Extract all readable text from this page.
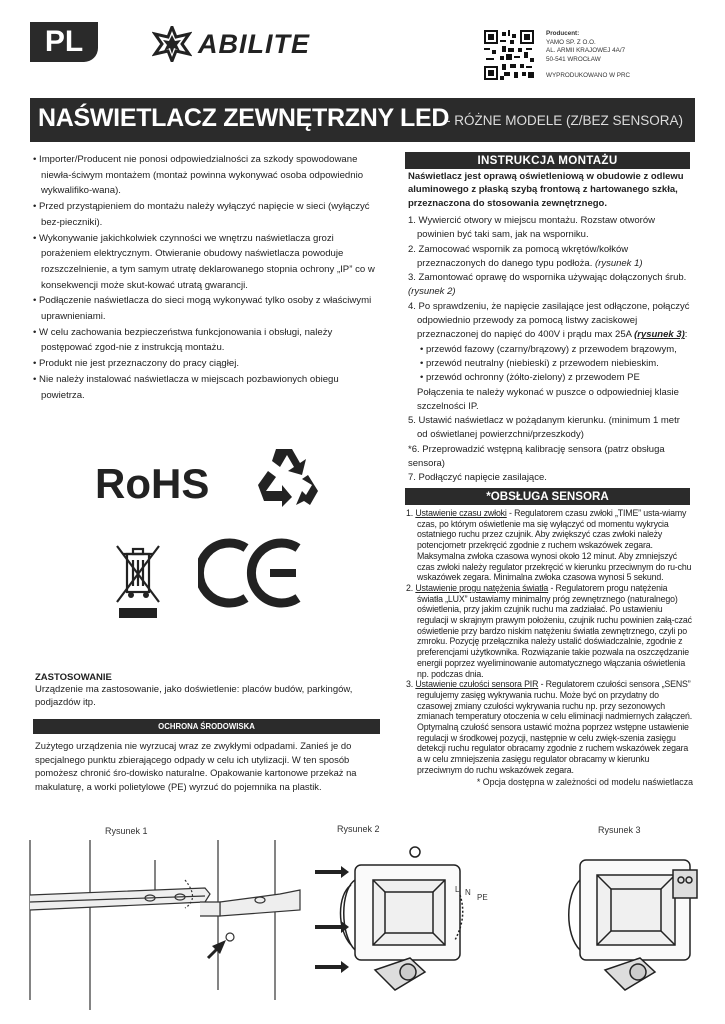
PL	ABILITE	Producent:
YAMO SP. Z O.O.
AL. ARMII KRAJOWEJ 4A/7
50-541 WROCŁAW
WYPRODUKOWANO W PRC
NAŚWIETLACZ ZEWNĘTRZNY LED
- RÓŻNE MODELE (Z/BEZ SENSORA)
• Importer/Producent nie ponosi odpowiedzialności za szkody spowodowane niewła-ściwym montażem (montaż powinna wykonywać osoba odpowiednio wykwalifiko-wana).
• Przed przystąpieniem do montażu należy wyłączyć napięcie w sieci (wyłączyć bez-pieczniki).
• Wykonywanie jakichkolwiek czynności we wnętrzu naświetlacza grozi porażeniem elektrycznym. Otwieranie obudowy naświetlacza powoduje rozszczelnienie, a tym samym utratę deklarowanego stopnia ochrony „IP” co w konsekwencji może skut-kować utratą gwarancji.
• Podłączenie naświetlacza do sieci mogą wykonywać tylko osoby z właściwymi uprawnieniami.
• W celu zachowania bezpieczeństwa funkcjonowania i obsługi, należy postępować zgod-nie z instrukcją montażu.
• Produkt nie jest przeznaczony do pracy ciągłej.
• Nie należy instalować naświetlacza w miejscach pozbawionych obiegu powietrza.
RoHS
ZASTOSOWANIE
Urządzenie ma zastosowanie, jako doświetlenie: placów budów, parkingów, podjazdów itp.
OCHRONA ŚRODOWISKA
Zużytego urządzenia nie wyrzucaj wraz ze zwykłymi odpadami. Zanieś je do specjalnego punktu zbierającego odpady w celu ich utylizacji. W ten sposób pomożesz chronić śro-dowisko naturalne. Opakowanie kartonowe przekaż na makulaturę, a worki polietylowe (PE) wyrzuć do pojemnika na plastik.
INSTRUKCJA MONTAŻU
Naświetlacz jest oprawą oświetleniową w obudowie z odlewu aluminowego z płaską szybą frontową z hartowanego szkła, przeznaczona do stosowania zewnętrznego.
1. Wywiercić otwory w miejscu montażu. Rozstaw otworów powinien być taki sam, jak na wsporniku.
2. Zamocować wspornik za pomocą wkrętów/kołków przeznaczonych do danego typu podłoża. (rysunek 1)
3. Zamontować oprawę do wspornika używając dołączonych śrub.
(rysunek 2)
4. Po sprawdzeniu, że napięcie zasilające jest odłączone, połączyć odpowiednio przewody za pomocą listwy zaciskowej przeznaczonej do napięć do 400V i prądu max 25A (rysunek 3):
• przewód fazowy (czarny/brązowy) z przewodem brązowym,
• przewód neutralny (niebieski) z przewodem niebieskim.
• przewód ochronny (żółto-zielony) z przewodem PE
Połączenia te należy wykonać w puszce o odpowiedniej klasie szczelności IP.
5. Ustawić naświetlacz w pożądanym kierunku. (minimum 1 metr od oświetlanej powierzchni/przeszkody)
*6. Przeprowadzić wstępną kalibrację sensora (patrz obsługa sensora)
7. Podłączyć napięcie zasilające.
*OBSŁUGA SENSORA
1. Ustawienie czasu zwłoki - Regulatorem czasu zwłoki „TIME” usta-wiamy czas, po którym oświetlenie ma się wyłączyć od momentu wykrycia ostatniego ruchu przez czujnik. Aby zwiększyć czas zwłoki należy potencjometr przekręcić zgodnie z ruchem wskazówek zegara. Maksymalna zwłoka czasowa wynosi około 12 minut. Aby zmniejszyć czas zwłoki należy regulator przekręcić w kierunku przeciwnym do ru-chu wskazówek zegara. Minimalna zwłoka czasowa wynosi 5 sekund.
2. Ustawienie progu natężenia światła - Regulatorem progu natężenia światła „LUX” ustawiamy minimalny próg zewnętrznego (naturalnego) oświetlenia, przy jakim czujnik ruchu ma zadziałać. Po ustawieniu regulacji w skrajnym prawym położeniu, czujnik ruchu powinien załą-czać oświetlenie przy bardzo niskim natężeniu światła zewnętrznego, czyli po zmroku. Pozycję przełącznika należy ustalić doświadczalnie, zgodnie z preferencjami użytkownika. Rozwiązanie takie pozwala na oszczędzanie energii poprzez wyeliminowanie automatycznego włączania oświetlenia np. podczas dnia.
3. Ustawienie czułości sensora PIR - Regulatorem czułości sensora „SENS” regulujemy zasięg wykrywania ruchu. Może być on przydatny do czasowej zmiany czułości wykrywania ruchu np. przy sezonowych zmianach temperatury otoczenia w celu eliminacji nadmiernych załączeń. Optymalną czułość sensora ustawić można poprzez wstępne ustawienie regulacji w środkowej pozycji, następnie w celu zwięk-szenia zasięgu detekcji ruchu regulator obracamy zgodnie z ruchem wskazówek zegara a w celu zmniejszenia zasięgu regulator obracamy w kierunku przeciwnym do ruchu wskazówek zegara.
* Opcja dostępna w zależności od modelu naświetlacza
Rysunek 1	Rysunek 2	Rysunek 3
L N
PE
